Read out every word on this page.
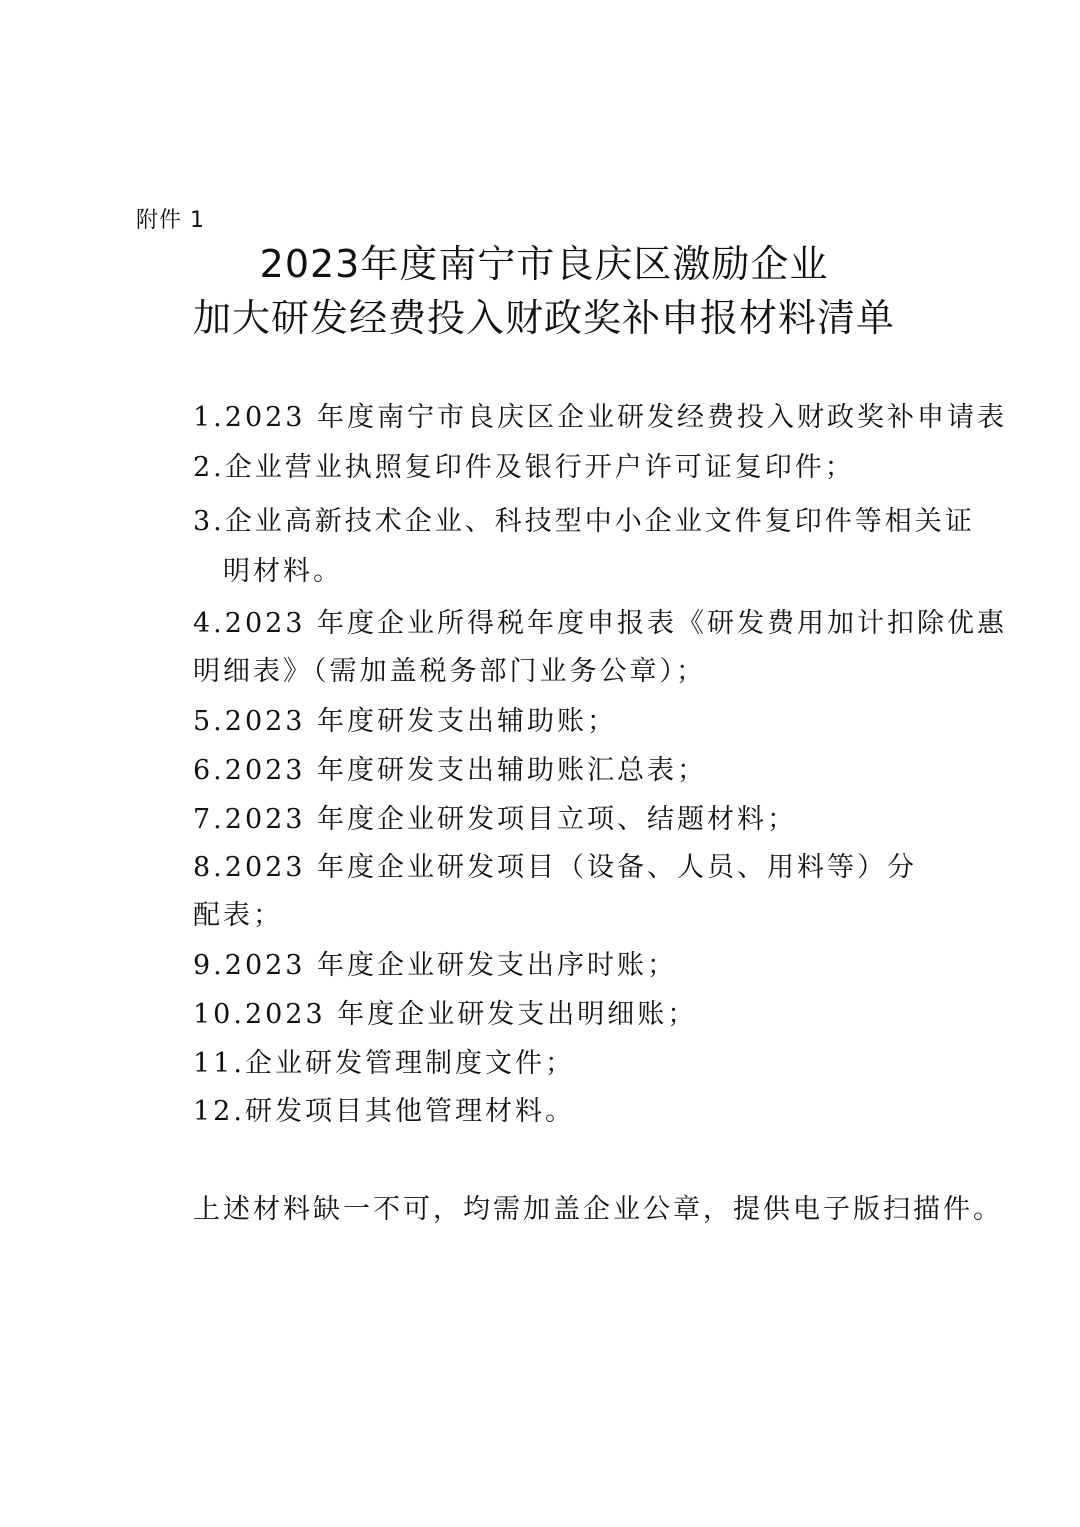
附件 1
2023年度南宁市良庆区激励企业
加大研发经费投入财政奖补申报材料清单
1.2023 年度南宁市良庆区企业研发经费投入财政奖补申请表
2.企业营业执照复印件及银行开户许可证复印件；
3.企业高新技术企业、科技型中小企业文件复印件等相关证
明材料。
4.2023 年度企业所得税年度申报表《研发费用加计扣除优惠
明细表》（需加盖税务部门业务公章）；
5.2023 年度研发支出辅助账；
6.2023 年度研发支出辅助账汇总表；
7.2023 年度企业研发项目立项、结题材料；
8.2023 年度企业研发项目（设备、人员、用料等）分
配表；
9.2023 年度企业研发支出序时账；
10.2023 年度企业研发支出明细账；
11.企业研发管理制度文件；
12.研发项目其他管理材料。
上述材料缺一不可，均需加盖企业公章，提供电子版扫描件。
